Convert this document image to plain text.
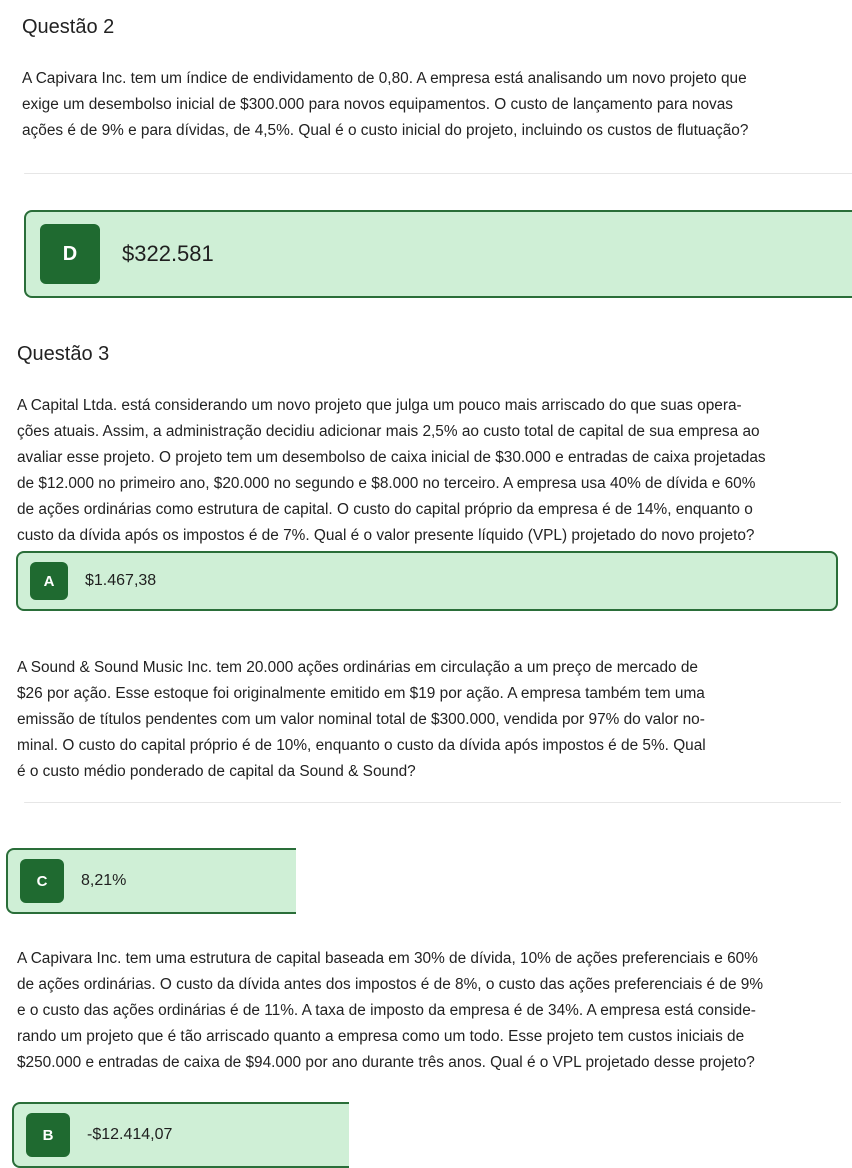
Questão 2

A Capivara Inc. tem um índice de endividamento de 0,80. A empresa está analisando um novo projeto que

exige um desembolso inicial de $300.000 para novos equipamentos. O custo de lançamento para novas

ações é de 9% e para dívidas, de 4,5%. Qual é o custo inicial do projeto, incluindo os custos de flutuação?

D	$322.581
Questão 3

A Capital Ltda. está considerando um novo projeto que julga um pouco mais arriscado do que suas opera-

ções atuais. Assim, a administração decidiu adicionar mais 2,5% ao custo total de capital de sua empresa ao

avaliar esse projeto. O projeto tem um desembolso de caixa inicial de $30.000 e entradas de caixa projetadas

de $12.000 no primeiro ano, $20.000 no segundo e $8.000 no terceiro. A empresa usa 40% de dívida e 60%

de ações ordinárias como estrutura de capital. O custo do capital próprio da empresa é de 14%, enquanto o

custo da dívida após os impostos é de 7%. Qual é o valor presente líquido (VPL) projetado do novo projeto?

A	$1.467,38

A Sound & Sound Music Inc. tem 20.000 ações ordinárias em circulação a um preço de mercado de

$26 por ação. Esse estoque foi originalmente emitido em $19 por ação. A empresa também tem uma

emissão de títulos pendentes com um valor nominal total de $300.000, vendida por 97% do valor no-

minal. O custo do capital próprio é de 10%, enquanto o custo da dívida após impostos é de 5%. Qual

é o custo médio ponderado de capital da Sound & Sound?

C	8,21%

A Capivara Inc. tem uma estrutura de capital baseada em 30% de dívida, 10% de ações preferenciais e 60%

de ações ordinárias. O custo da dívida antes dos impostos é de 8%, o custo das ações preferenciais é de 9%

e o custo das ações ordinárias é de 11%. A taxa de imposto da empresa é de 34%. A empresa está conside-

rando um projeto que é tão arriscado quanto a empresa como um todo. Esse projeto tem custos iniciais de

$250.000 e entradas de caixa de $94.000 por ano durante três anos. Qual é o VPL projetado desse projeto?

B	-$12.414,07
